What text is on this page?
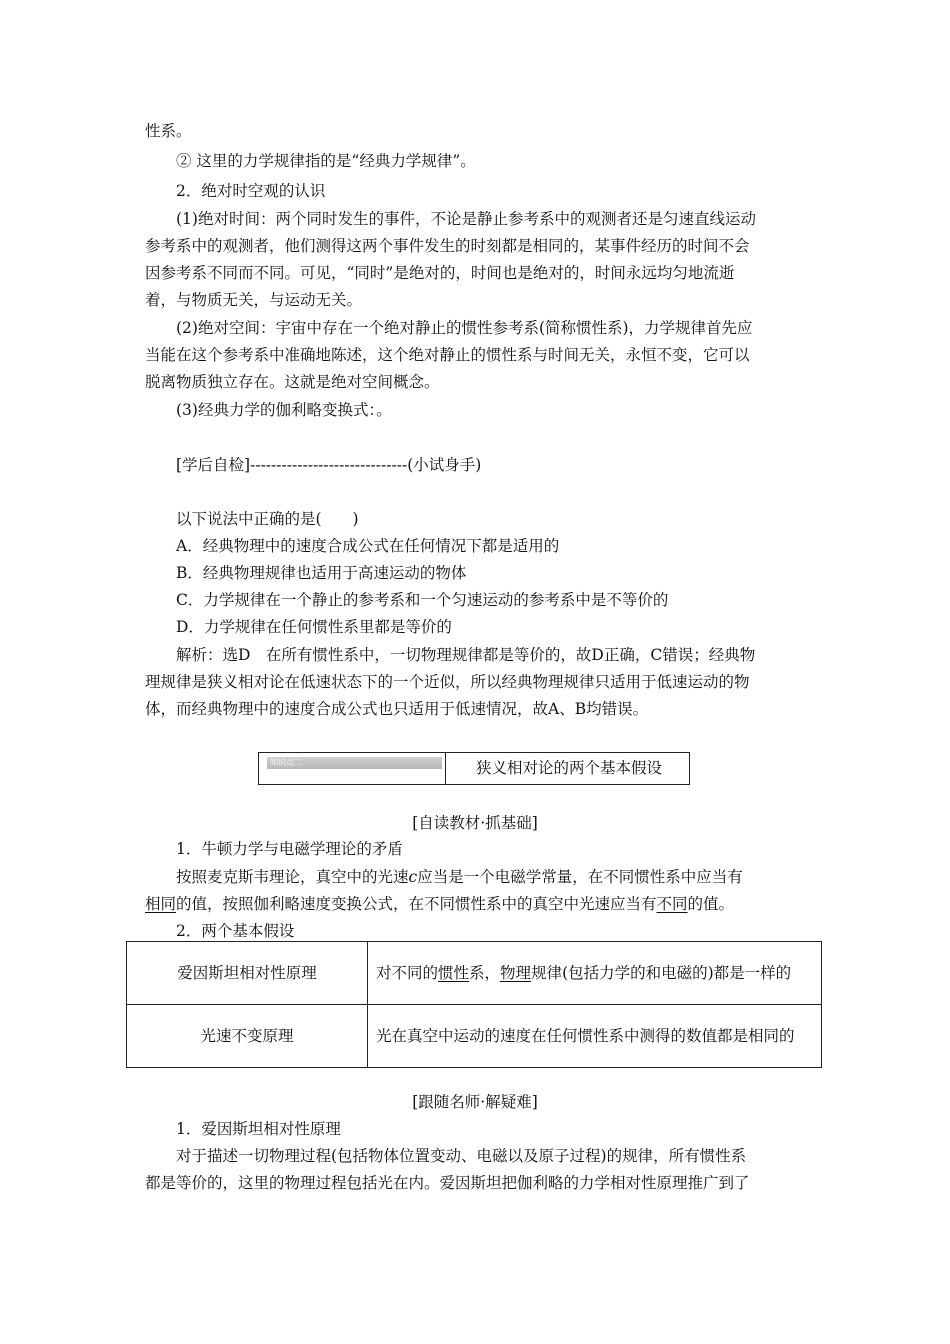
性系。
② 这里的力学规律指的是“经典力学规律”。
2．绝对时空观的认识
(1)绝对时间：两个同时发生的事件，不论是静止参考系中的观测者还是匀速直线运动
参考系中的观测者，他们测得这两个事件发生的时刻都是相同的，某事件经历的时间不会
因参考系不同而不同。可见，“同时”是绝对的，时间也是绝对的，时间永远均匀地流逝
着，与物质无关，与运动无关。
(2)绝对空间：宇宙中存在一个绝对静止的惯性参考系(简称惯性系)，力学规律首先应
当能在这个参考系中准确地陈述，这个绝对静止的惯性系与时间无关，永恒不变，它可以
脱离物质独立存在。这就是绝对空间概念。
(3)经典力学的伽利略变换式：。
[学后自检]------------------------------(小试身手)
以下说法中正确的是(　　)
A．经典物理中的速度合成公式在任何情况下都是适用的
B．经典物理规律也适用于高速运动的物体
C．力学规律在一个静止的参考系和一个匀速运动的参考系中是不等价的
D．力学规律在任何惯性系里都是等价的
解析：选D　在所有惯性系中，一切物理规律都是等价的，故D正确，C错误；经典物
理规律是狭义相对论在低速状态下的一个近似，所以经典物理规律只适用于低速运动的物
体，而经典物理中的速度合成公式也只适用于低速情况，故A、B均错误。
知识点二	狭义相对论的两个基本假设
[自读教材·抓基础]
1．牛顿力学与电磁学理论的矛盾
按照麦克斯韦理论，真空中的光速c应当是一个电磁学常量，在不同惯性系中应当有
相同的值，按照伽利略速度变换公式，在不同惯性系中的真空中光速应当有不同的值。
2．两个基本假设
爱因斯坦相对性原理	对不同的惯性系，物理规律(包括力学的和电磁的)都是一样的
光速不变原理	光在真空中运动的速度在任何惯性系中测得的数值都是相同的
[跟随名师·解疑难]
1．爱因斯坦相对性原理
对于描述一切物理过程(包括物体位置变动、电磁以及原子过程)的规律，所有惯性系
都是等价的，这里的物理过程包括光在内。爱因斯坦把伽利略的力学相对性原理推广到了
